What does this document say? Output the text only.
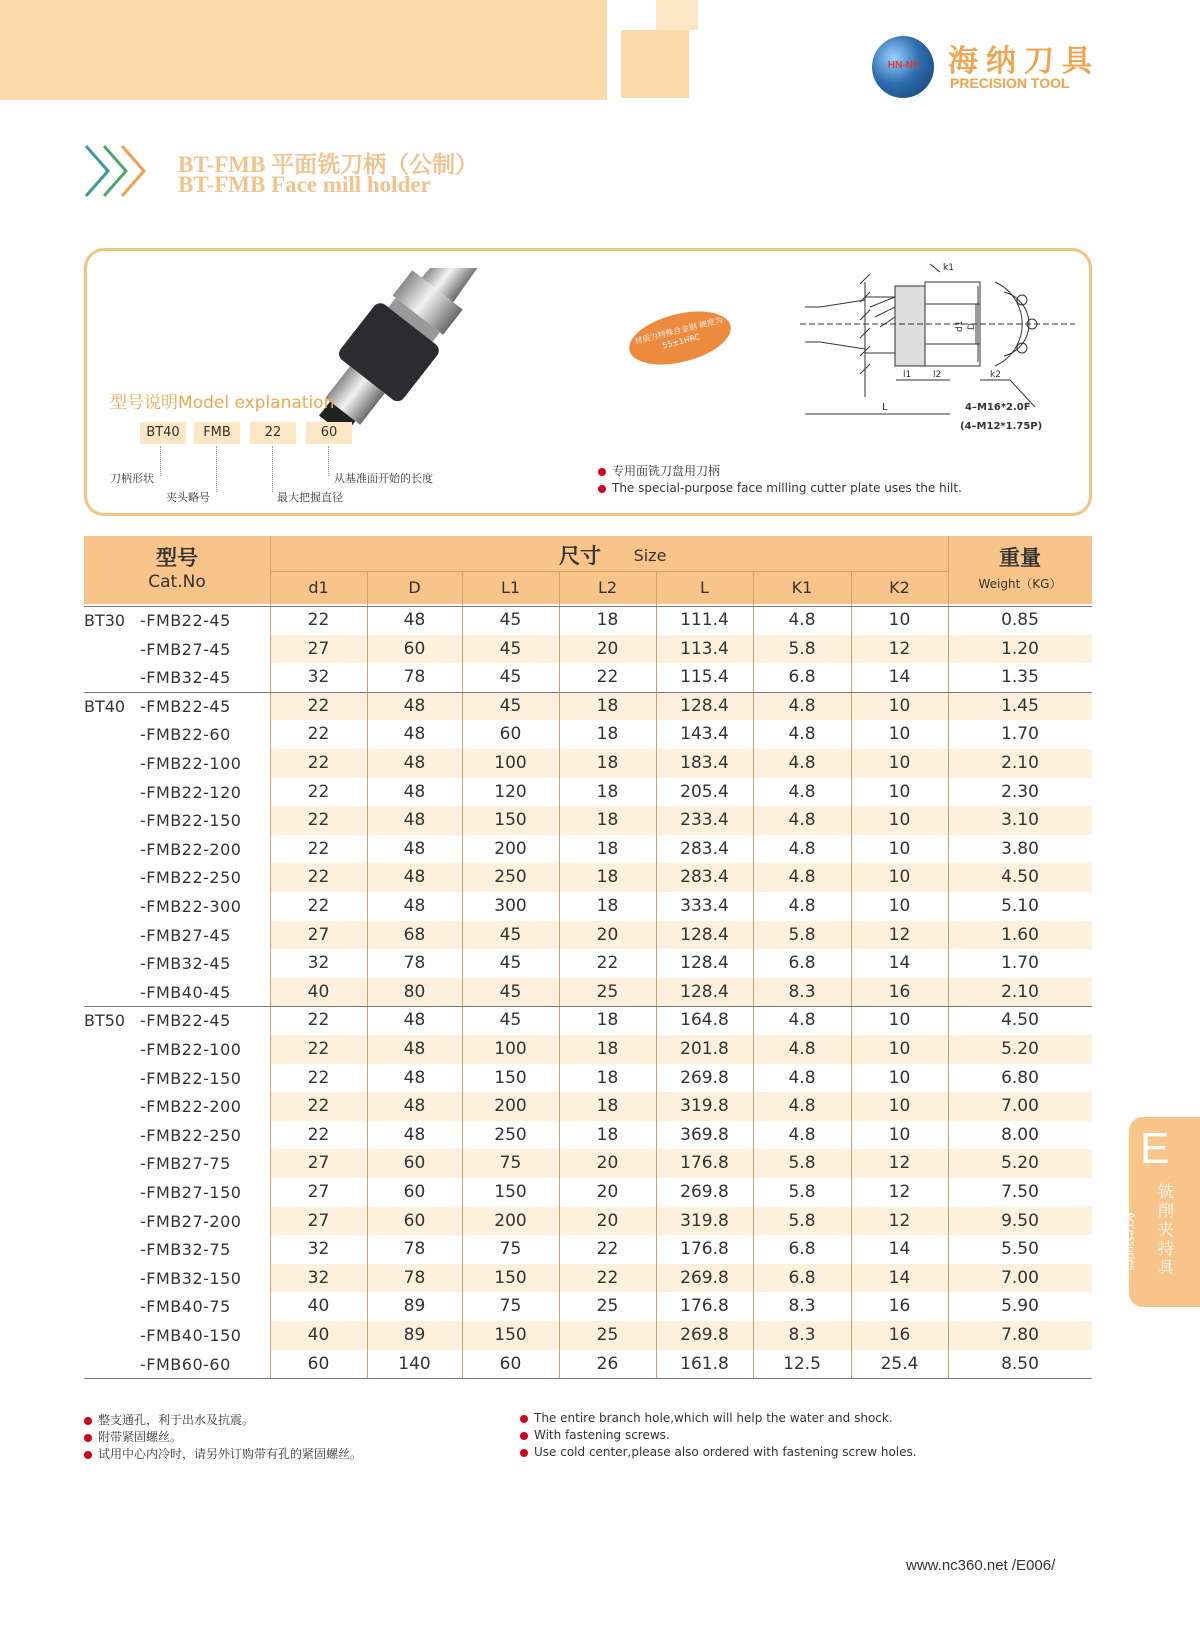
HN-NC 海纳刀具
PRECISION TOOL
BT-FMB 平面铣刀柄（公制）
BT-FMB Face mill holder
型号说明Model explanation
BT40	FMB	22	60
刀柄形状
夹头略号	最大把握直径
从基准面开始的长度
材质为特殊合金钢 硬度为55±1HRC
k1
d1 D
l1 l2	k2
L	4–M16*2.0F
(4–M12*1.75P)
专用面铣刀盘用刀柄
The special-purpose face milling cutter plate uses the hilt.
型号
Cat.No
尺寸	Size	重量
Weight（KG）
d1	D	L1	L2	L	K1	K2
BT30 -FMB22-45	22	48	45	18	111.4	4.8	10	0.85
-FMB27-45	27	60	45	20	113.4	5.8	12	1.20
-FMB32-45	32	78	45	22	115.4	6.8	14	1.35
BT40 -FMB22-45	22	48	45	18	128.4	4.8	10	1.45
-FMB22-60	22	48	60	18	143.4	4.8	10	1.70
-FMB22-100	22	48	100	18	183.4	4.8	10	2.10
-FMB22-120	22	48	120	18	205.4	4.8	10	2.30
-FMB22-150	22	48	150	18	233.4	4.8	10	3.10
-FMB22-200	22	48	200	18	283.4	4.8	10	3.80
-FMB22-250	22	48	250	18	283.4	4.8	10	4.50
-FMB22-300	22	48	300	18	333.4	4.8	10	5.10
-FMB27-45	27	68	45	20	128.4	5.8	12	1.60
-FMB32-45	32	78	45	22	128.4	6.8	14	1.70
-FMB40-45	40	80	45	25	128.4	8.3	16	2.10
BT50 -FMB22-45	22	48	45	18	164.8	4.8	10	4.50
-FMB22-100	22	48	100	18	201.8	4.8	10	5.20
-FMB22-150	22	48	150	18	269.8	4.8	10	6.80
-FMB22-200	22	48	200	18	319.8	4.8	10	7.00
-FMB22-250	22	48	250	18	369.8	4.8	10	8.00
-FMB27-75	27	60	75	20	176.8	5.8	12	5.20
-FMB27-150	27	60	150	20	269.8	5.8	12	7.50
-FMB27-200	27	60	200	20	319.8	5.8	12	9.50
-FMB32-75	32	78	75	22	176.8	6.8	14	5.50
-FMB32-150	32	78	150	22	269.8	6.8	14	7.00
-FMB40-75	40	89	75	25	176.8	8.3	16	5.90
-FMB40-150	40	89	150	25	269.8	8.3	16	7.80
-FMB60-60	60	140	60	26	161.8	12.5	25.4	8.50
E
铣削夹持具
Accessories
整支通孔，利于出水及抗震。
附带紧固螺丝。
试用中心内冷时，请另外订购带有孔的紧固螺丝。
The entire branch hole,which will help the water and shock.
With fastening screws.
Use cold center,please also ordered with fastening screw holes.
www.nc360.net /E006/
